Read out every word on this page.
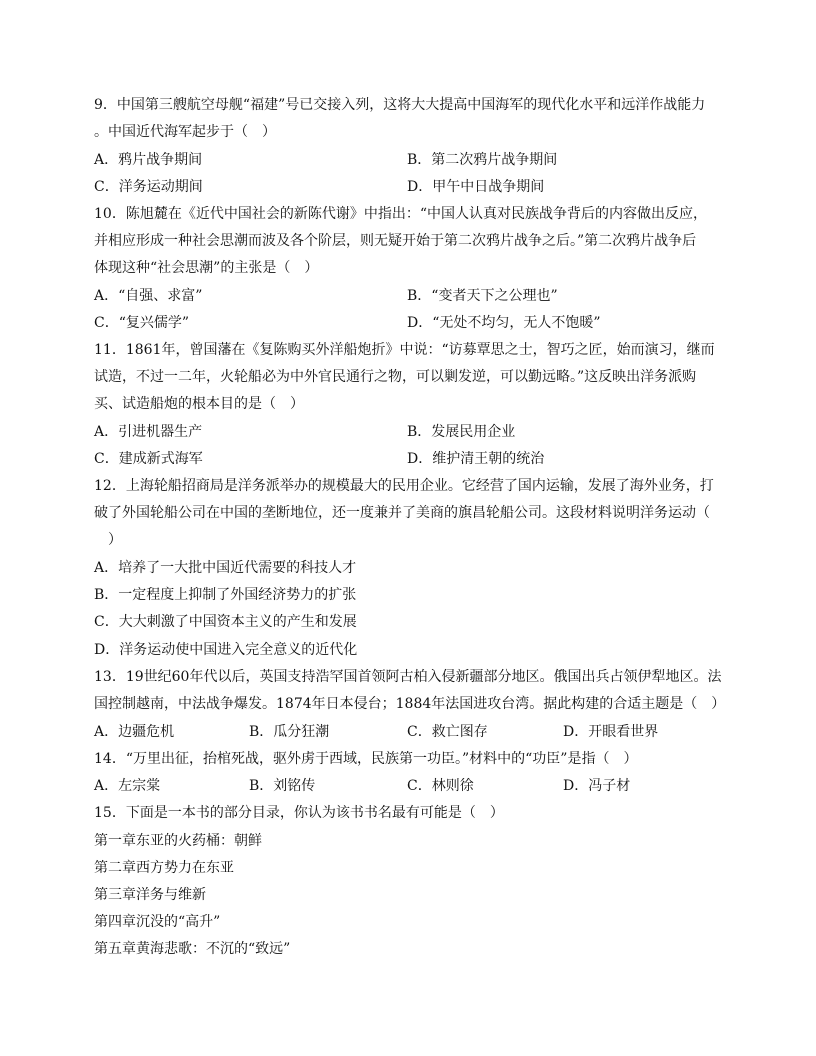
9．中国第三艘航空母舰“福建”号已交接入列，这将大大提高中国海军的现代化水平和远洋作战能力
。中国近代海军起步于（　）
A．鸦片战争期间	B．第二次鸦片战争期间
C．洋务运动期间	D．甲午中日战争期间
10．陈旭麓在《近代中国社会的新陈代谢》中指出：“中国人认真对民族战争背后的内容做出反应，
并相应形成一种社会思潮而波及各个阶层，则无疑开始于第二次鸦片战争之后。”第二次鸦片战争后
体现这种“社会思潮”的主张是（　）
A．“自强、求富”	B．“变者天下之公理也”
C．“复兴儒学”	D．“无处不均匀，无人不饱暖”
11．1861年，曾国藩在《复陈购买外洋船炮折》中说：“访募覃思之士，智巧之匠，始而演习，继而
试造，不过一二年，火轮船必为中外官民通行之物，可以剿发逆，可以勤远略。”这反映出洋务派购
买、试造船炮的根本目的是（　）
A．引进机器生产	B．发展民用企业
C．建成新式海军	D．维护清王朝的统治
12．上海轮船招商局是洋务派举办的规模最大的民用企业。它经营了国内运输，发展了海外业务，打
破了外国轮船公司在中国的垄断地位，还一度兼并了美商的旗昌轮船公司。这段材料说明洋务运动（
　）
A．培养了一大批中国近代需要的科技人才
B．一定程度上抑制了外国经济势力的扩张
C．大大刺激了中国资本主义的产生和发展
D．洋务运动使中国进入完全意义的近代化
13．19世纪60年代以后，英国支持浩罕国首领阿古柏入侵新疆部分地区。俄国出兵占领伊犁地区。法
国控制越南，中法战争爆发。1874年日本侵台；1884年法国进攻台湾。据此构建的合适主题是（　）
A．边疆危机	B．瓜分狂潮	C．救亡图存	D．开眼看世界
14．“万里出征，抬棺死战，驱外虏于西域，民族第一功臣。”材料中的“功臣”是指（　）
A．左宗棠	B．刘铭传	C．林则徐	D．冯子材
15．下面是一本书的部分目录，你认为该书书名最有可能是（　）
第一章东亚的火药桶：朝鲜
第二章西方势力在东亚
第三章洋务与维新
第四章沉没的“高升”
第五章黄海悲歌：不沉的“致远”
